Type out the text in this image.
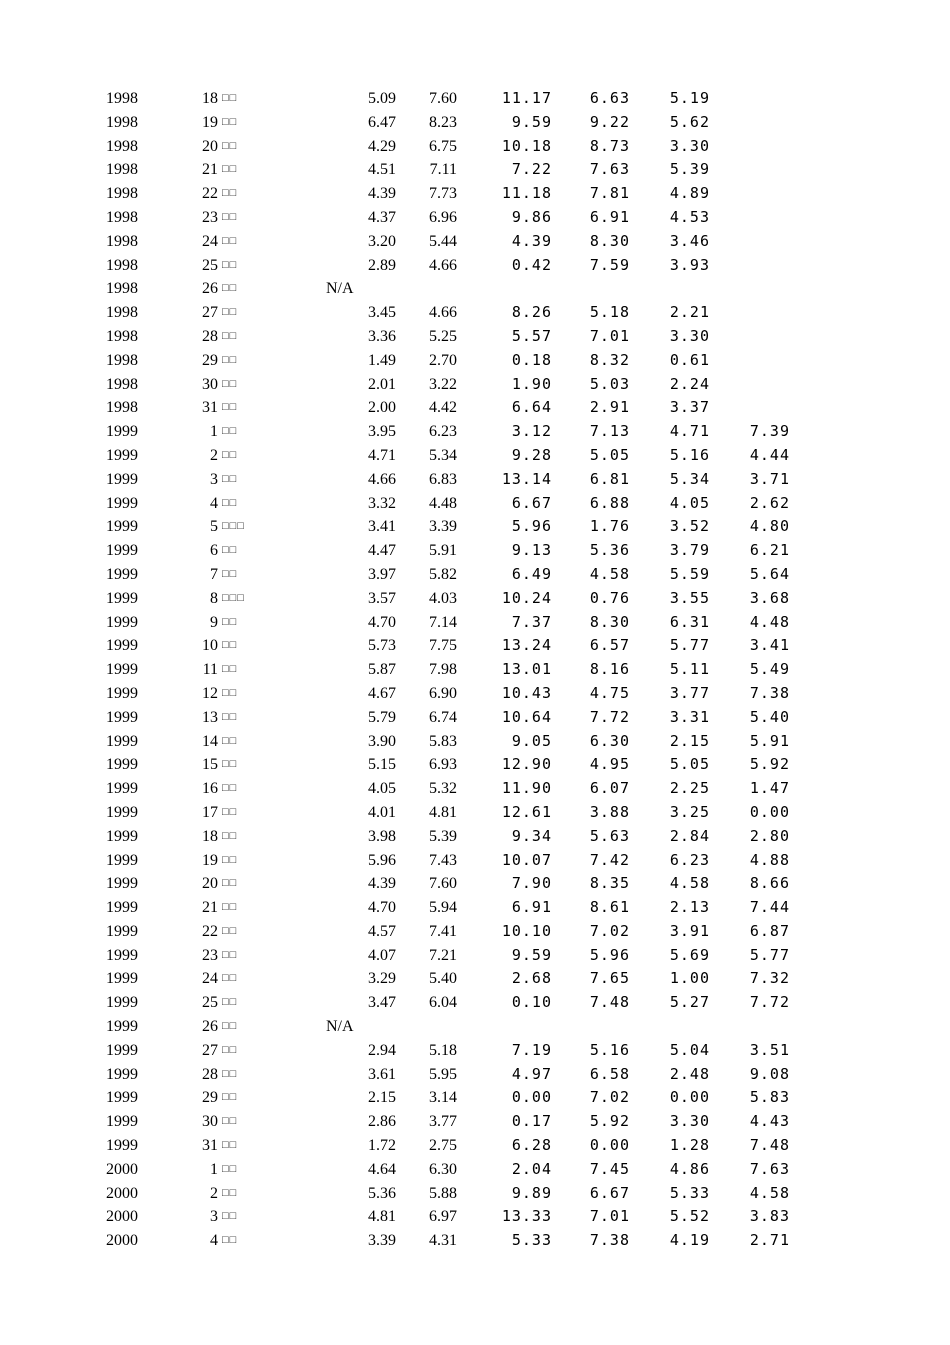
1998	18 □□	5.09	7.60	11.17	6.63	5.19
1998	19 □□	6.47	8.23	9.59	9.22	5.62
1998	20 □□	4.29	6.75	10.18	8.73	3.30
1998	21 □□	4.51	7.11	7.22	7.63	5.39
1998	22 □□	4.39	7.73	11.18	7.81	4.89
1998	23 □□	4.37	6.96	9.86	6.91	4.53
1998	24 □□	3.20	5.44	4.39	8.30	3.46
1998	25 □□	2.89	4.66	0.42	7.59	3.93
1998	26 □□	N/A
1998	27 □□	3.45	4.66	8.26	5.18	2.21
1998	28 □□	3.36	5.25	5.57	7.01	3.30
1998	29 □□	1.49	2.70	0.18	8.32	0.61
1998	30 □□	2.01	3.22	1.90	5.03	2.24
1998	31 □□	2.00	4.42	6.64	2.91	3.37
1999	1 □□	3.95	6.23	3.12	7.13	4.71	7.39
1999	2 □□	4.71	5.34	9.28	5.05	5.16	4.44
1999	3 □□	4.66	6.83	13.14	6.81	5.34	3.71
1999	4 □□	3.32	4.48	6.67	6.88	4.05	2.62
1999	5 □□□	3.41	3.39	5.96	1.76	3.52	4.80
1999	6 □□	4.47	5.91	9.13	5.36	3.79	6.21
1999	7 □□	3.97	5.82	6.49	4.58	5.59	5.64
1999	8 □□□	3.57	4.03	10.24	0.76	3.55	3.68
1999	9 □□	4.70	7.14	7.37	8.30	6.31	4.48
1999	10 □□	5.73	7.75	13.24	6.57	5.77	3.41
1999	11 □□	5.87	7.98	13.01	8.16	5.11	5.49
1999	12 □□	4.67	6.90	10.43	4.75	3.77	7.38
1999	13 □□	5.79	6.74	10.64	7.72	3.31	5.40
1999	14 □□	3.90	5.83	9.05	6.30	2.15	5.91
1999	15 □□	5.15	6.93	12.90	4.95	5.05	5.92
1999	16 □□	4.05	5.32	11.90	6.07	2.25	1.47
1999	17 □□	4.01	4.81	12.61	3.88	3.25	0.00
1999	18 □□	3.98	5.39	9.34	5.63	2.84	2.80
1999	19 □□	5.96	7.43	10.07	7.42	6.23	4.88
1999	20 □□	4.39	7.60	7.90	8.35	4.58	8.66
1999	21 □□	4.70	5.94	6.91	8.61	2.13	7.44
1999	22 □□	4.57	7.41	10.10	7.02	3.91	6.87
1999	23 □□	4.07	7.21	9.59	5.96	5.69	5.77
1999	24 □□	3.29	5.40	2.68	7.65	1.00	7.32
1999	25 □□	3.47	6.04	0.10	7.48	5.27	7.72
1999	26 □□	N/A
1999	27 □□	2.94	5.18	7.19	5.16	5.04	3.51
1999	28 □□	3.61	5.95	4.97	6.58	2.48	9.08
1999	29 □□	2.15	3.14	0.00	7.02	0.00	5.83
1999	30 □□	2.86	3.77	0.17	5.92	3.30	4.43
1999	31 □□	1.72	2.75	6.28	0.00	1.28	7.48
2000	1 □□	4.64	6.30	2.04	7.45	4.86	7.63
2000	2 □□	5.36	5.88	9.89	6.67	5.33	4.58
2000	3 □□	4.81	6.97	13.33	7.01	5.52	3.83
2000	4 □□	3.39	4.31	5.33	7.38	4.19	2.71
